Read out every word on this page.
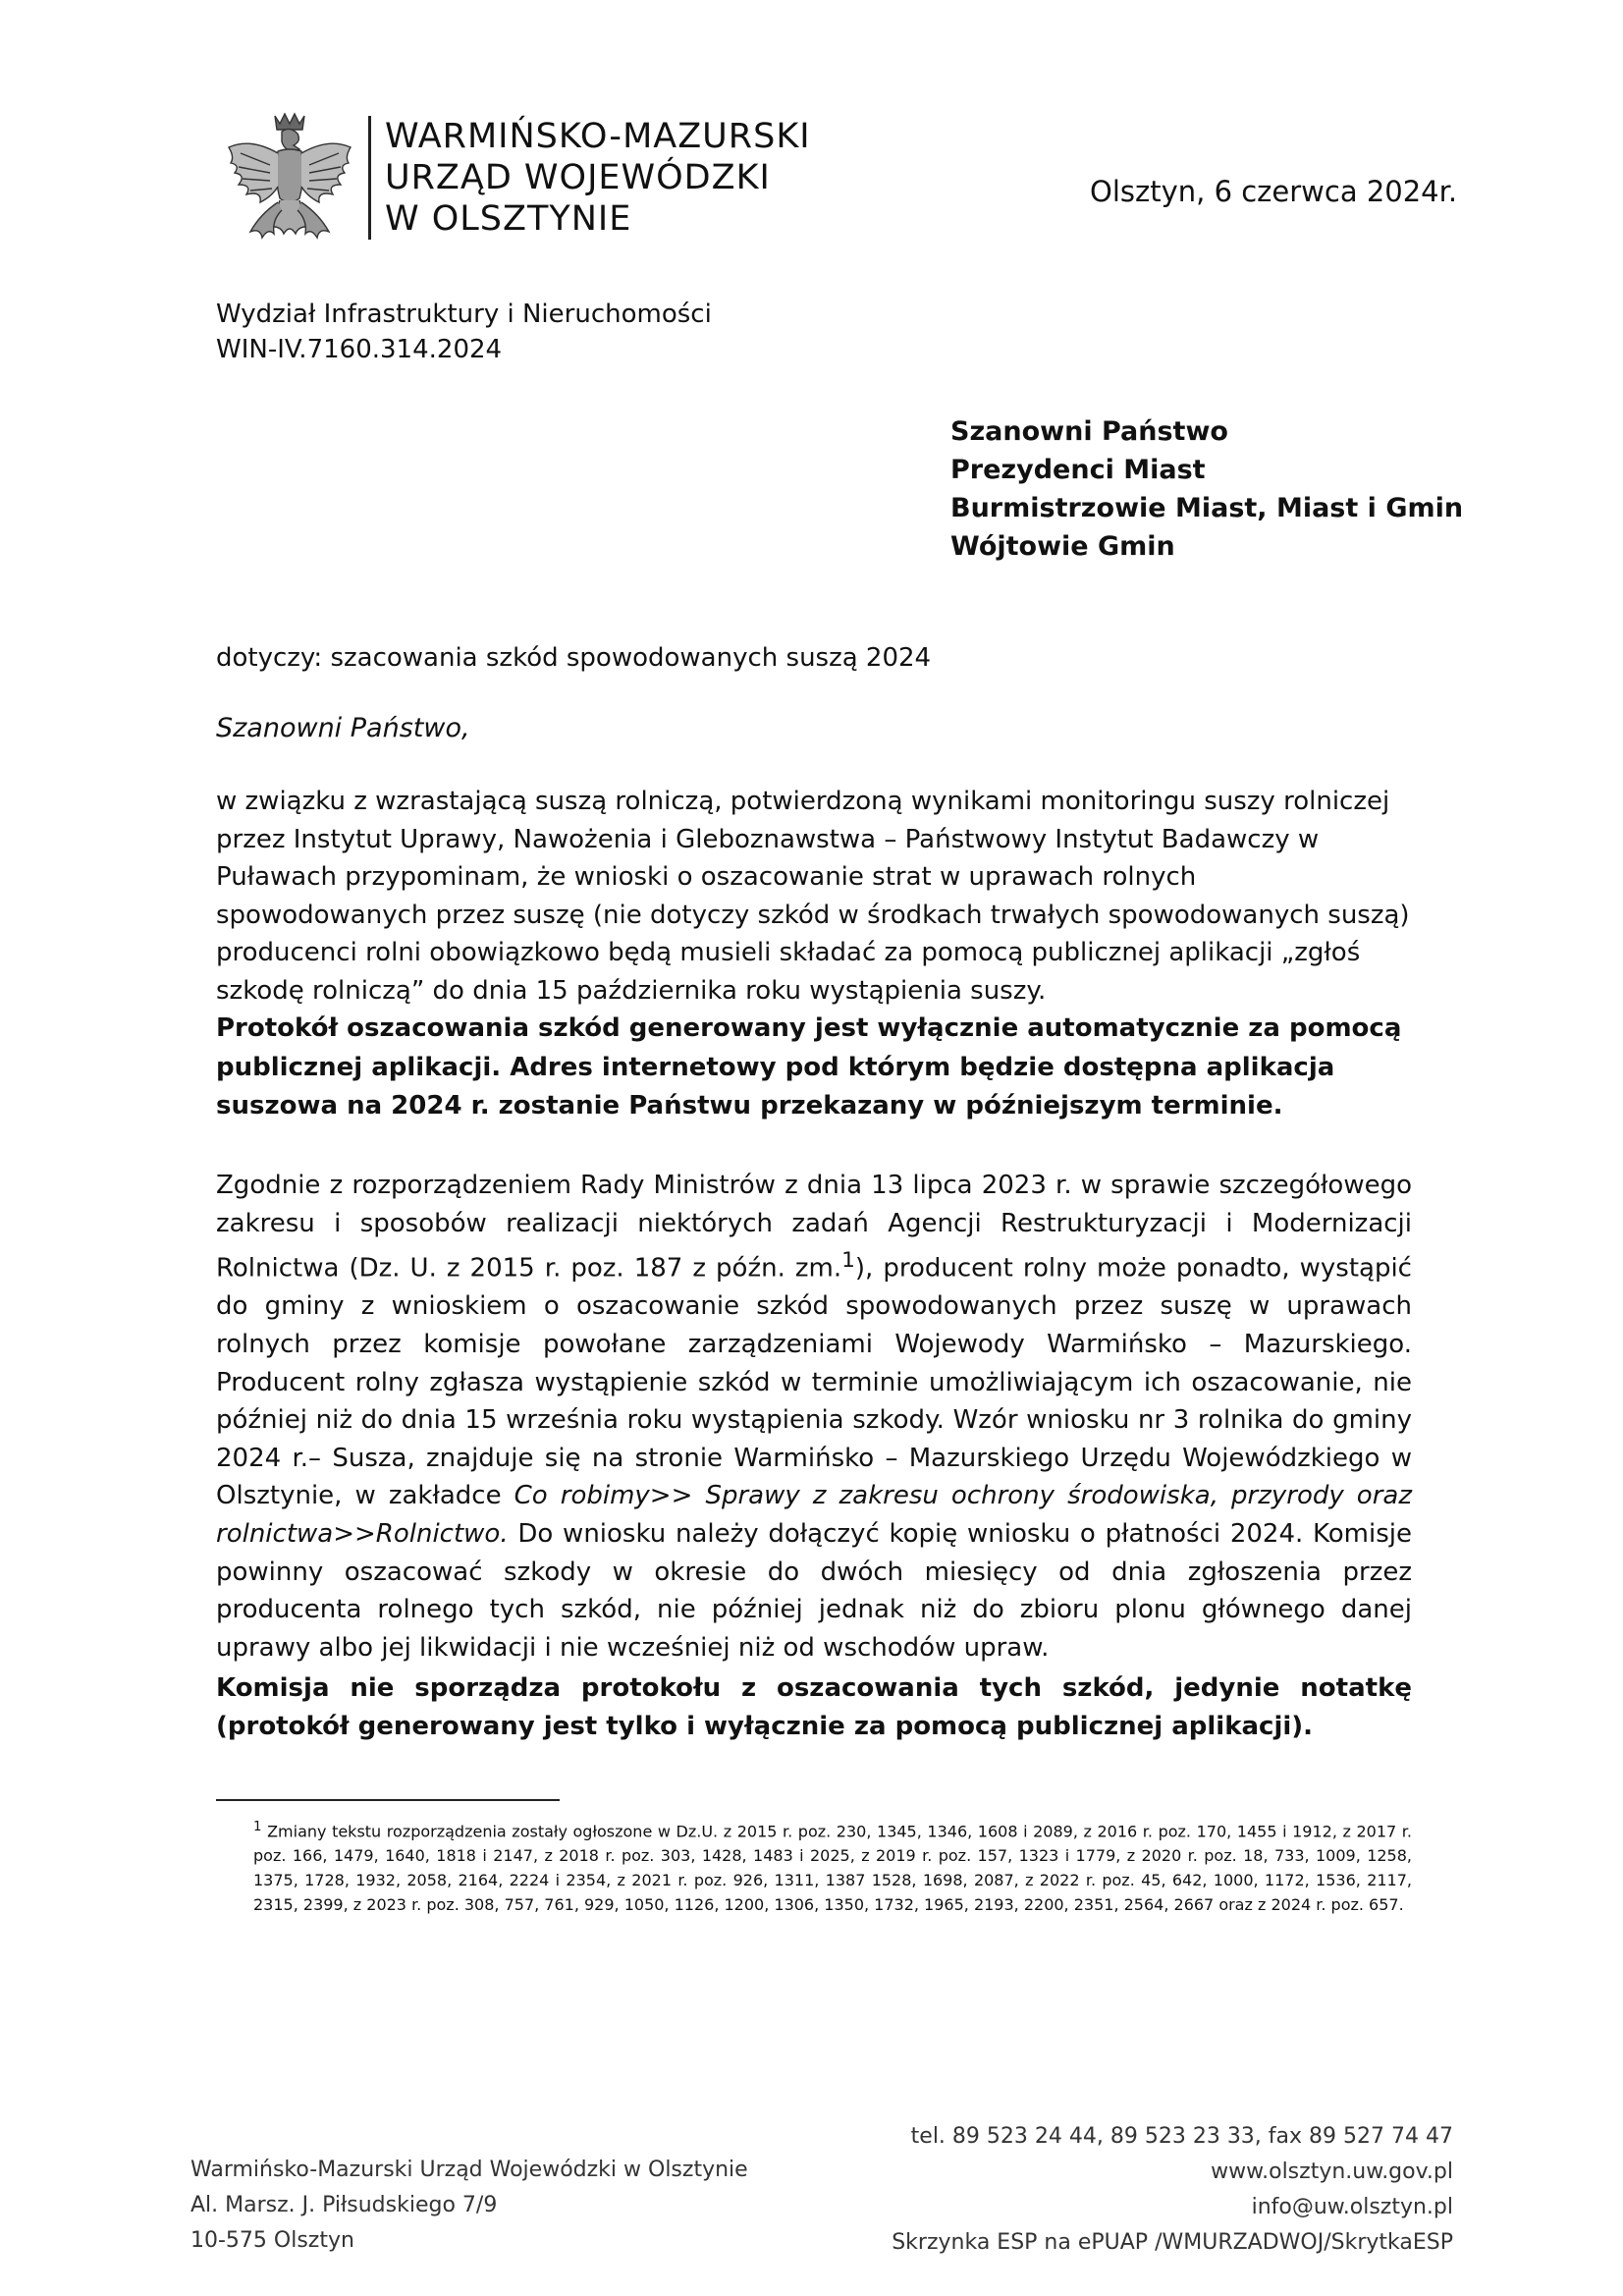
WARMIŃSKO-MAZURSKI
URZĄD WOJEWÓDZKI
W OLSZTYNIE
Olsztyn, 6 czerwca 2024r.
Wydział Infrastruktury i Nieruchomości
WIN-IV.7160.314.2024
Szanowni Państwo
Prezydenci Miast
Burmistrzowie Miast, Miast i Gmin
Wójtowie Gmin
dotyczy: szacowania szkód spowodowanych suszą 2024
Szanowni Państwo,

w związku z wzrastającą suszą rolniczą, potwierdzoną wynikami monitoringu suszy rolniczej przez Instytut Uprawy, Nawożenia i Gleboznawstwa – Państwowy Instytut Badawczy w Puławach przypominam, że wnioski o oszacowanie strat w uprawach rolnych spowodowanych przez suszę (nie dotyczy szkód w środkach trwałych spowodowanych suszą) producenci rolni obowiązkowo będą musieli składać za pomocą publicznej aplikacji „zgłoś szkodę rolniczą” do dnia 15 października roku wystąpienia suszy.

Protokół oszacowania szkód generowany jest wyłącznie automatycznie za pomocą publicznej aplikacji. Adres internetowy pod którym będzie dostępna aplikacja suszowa na 2024 r. zostanie Państwu przekazany w późniejszym terminie.

Zgodnie z rozporządzeniem Rady Ministrów z dnia 13 lipca 2023 r. w sprawie szczegółowego zakresu i sposobów realizacji niektórych zadań Agencji Restrukturyzacji i Modernizacji Rolnictwa (Dz. U. z 2015 r. poz. 187 z późn. zm.$^1$), producent rolny może ponadto, wystąpić do gminy z wnioskiem o oszacowanie szkód spowodowanych przez suszę w uprawach rolnych przez komisje powołane zarządzeniami Wojewody Warmińsko – Mazurskiego. Producent rolny zgłasza wystąpienie szkód w terminie umożliwiającym ich oszacowanie, nie później niż do dnia 15 września roku wystąpienia szkody. Wzór wniosku nr 3 rolnika do gminy 2024 r.– Susza, znajduje się na stronie Warmińsko – Mazurskiego Urzędu Wojewódzkiego w Olsztynie, w zakładce Co robimy>> Sprawy z zakresu ochrony środowiska, przyrody oraz rolnictwa>>Rolnictwo. Do wniosku należy dołączyć kopię wniosku o płatności 2024. Komisje powinny oszacować szkody w okresie do dwóch miesięcy od dnia zgłoszenia przez producenta rolnego tych szkód, nie później jednak niż do zbioru plonu głównego danej uprawy albo jej likwidacji i nie wcześniej niż od wschodów upraw.

Komisja nie sporządza protokołu z oszacowania tych szkód, jedynie notatkę (protokół generowany jest tylko i wyłącznie za pomocą publicznej aplikacji).

$^1$ Zmiany tekstu rozporządzenia zostały ogłoszone w Dz.U. z 2015 r. poz. 230, 1345, 1346, 1608 i 2089, z 2016 r. poz. 170, 1455 i 1912, z 2017 r. poz. 166, 1479, 1640, 1818 i 2147, z 2018 r. poz. 303, 1428, 1483 i 2025, z 2019 r. poz. 157, 1323 i 1779, z 2020 r. poz. 18, 733, 1009, 1258, 1375, 1728, 1932, 2058, 2164, 2224 i 2354, z 2021 r. poz. 926, 1311, 1387 1528, 1698, 2087, z 2022 r. poz. 45, 642, 1000, 1172, 1536, 2117, 2315, 2399, z 2023 r. poz. 308, 757, 761, 929, 1050, 1126, 1200, 1306, 1350, 1732, 1965, 2193, 2200, 2351, 2564, 2667 oraz z 2024 r. poz. 657.
Warmińsko-Mazurski Urząd Wojewódzki w Olsztynie
Al. Marsz. J. Piłsudskiego 7/9
10-575 Olsztyn
tel. 89 523 24 44, 89 523 23 33, fax 89 527 74 47
www.olsztyn.uw.gov.pl
info@uw.olsztyn.pl
Skrzynka ESP na ePUAP /WMURZADWOJ/SkrytkaESP
